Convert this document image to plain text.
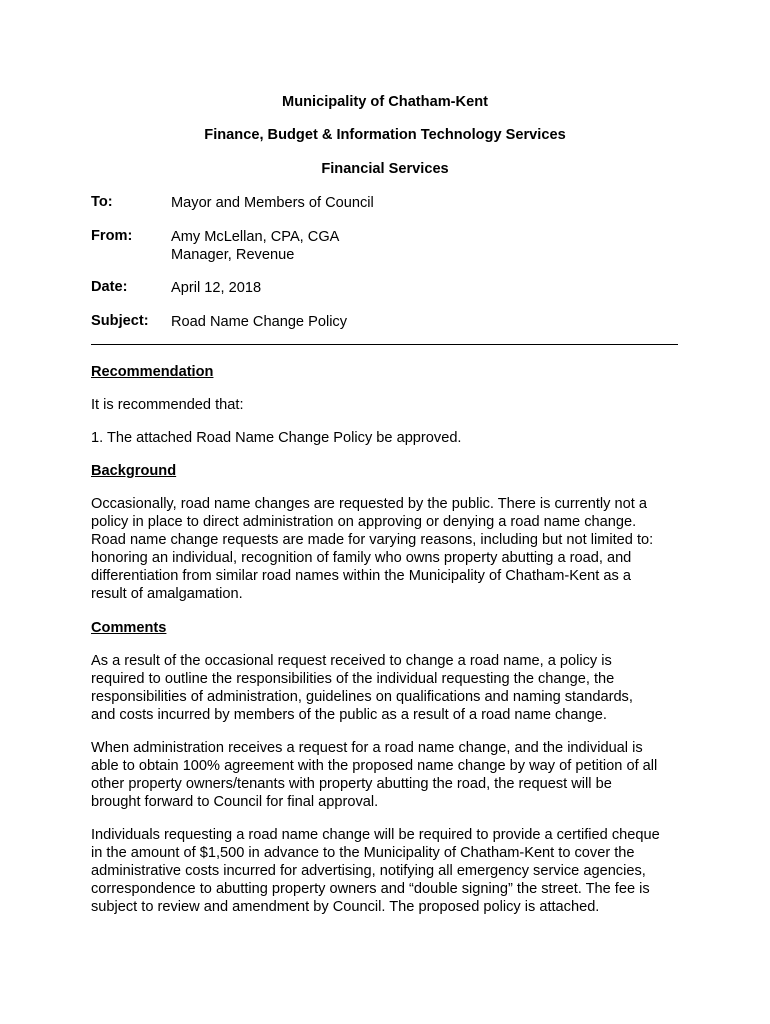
Municipality of Chatham-Kent
Finance, Budget & Information Technology Services
Financial Services
To:	Mayor and Members of Council
From:	Amy McLellan, CPA, CGA
Manager, Revenue
Date:	April 12, 2018
Subject: Road Name Change Policy
Recommendation
It is recommended that:
1. The attached Road Name Change Policy be approved.
Background
Occasionally, road name changes are requested by the public. There is currently not a
policy in place to direct administration on approving or denying a road name change.
Road name change requests are made for varying reasons, including but not limited to:
honoring an individual, recognition of family who owns property abutting a road, and
differentiation from similar road names within the Municipality of Chatham-Kent as a
result of amalgamation.
Comments
As a result of the occasional request received to change a road name, a policy is
required to outline the responsibilities of the individual requesting the change, the
responsibilities of administration, guidelines on qualifications and naming standards,
and costs incurred by members of the public as a result of a road name change.
When administration receives a request for a road name change, and the individual is
able to obtain 100% agreement with the proposed name change by way of petition of all
other property owners/tenants with property abutting the road, the request will be
brought forward to Council for final approval.
Individuals requesting a road name change will be required to provide a certified cheque
in the amount of $1,500 in advance to the Municipality of Chatham-Kent to cover the
administrative costs incurred for advertising, notifying all emergency service agencies,
correspondence to abutting property owners and “double signing” the street. The fee is
subject to review and amendment by Council. The proposed policy is attached.
